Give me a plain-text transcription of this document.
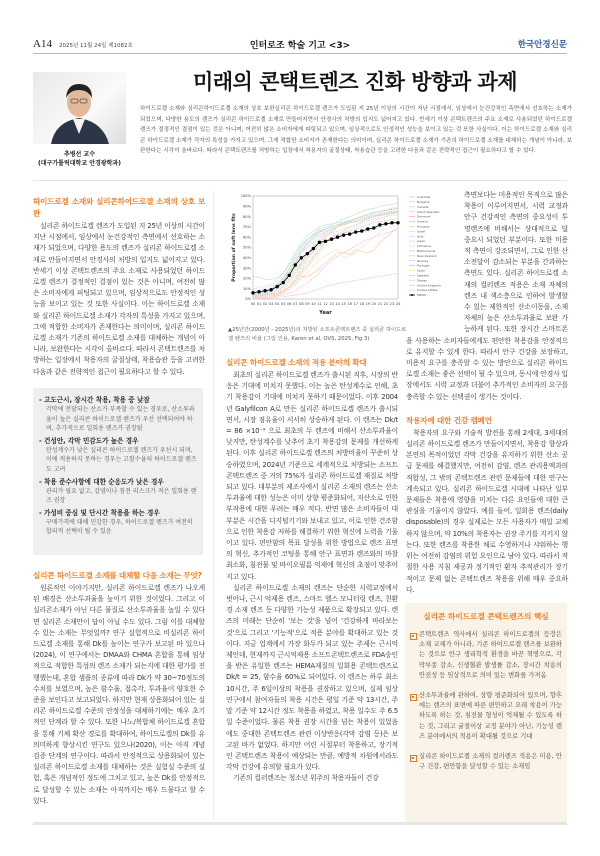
A14 2025년 11월 24일 제1082호	인터로조 학술 기고 <3>	한국안경신문
추병선 교수
(대구가톨릭대학교 안경광학과)
미래의 콘택트렌즈 진화 방향과 과제
하이드로겔 소재와 실리콘하이드로겔 소재의 상호 보완실리콘 하이드로겔 렌즈가 도입된 지 25년 이상의 시간이 지난 시점에서, 임상에서 눈건강적인 측면에서 선호하는 소재가 되었으며, 다양한 용도의 렌즈가 실리콘 하이드로겔 소재로 만들어지면서 안경사의 처방의 입지도 넓어지고 있다. 반세기 이상 콘택트렌즈의 주요 소재로 사용되었던 하이드로겔 렌즈가 결정적인 결점이 있는 것은 아니며, 여전히 많은 소비자에게 피팅되고 있으며, 임상적으로도 안정적인 성능을 보이고 있는 것 또한 사실이다. 이는 하이드로겔 소재와 실리콘 하이드로겔 소재가 각자의 특성을 가지고 있으며, 그에 적합한 소비자가 존재한다는 의미이며, 실리콘 하이드로겔 소재가 기존의 하이드로겔 소재를 대체하는 개념이 아니라, 보완한다는 시각이 올바르다. 따라서 콘택트렌즈를 처방하는 입장에서 착용자의 굴절상태, 착용습관 등을 고려한 다음과 같은 전략적인 접근이 필요하다고 할 수 있다.
하이드로겔 소재와 실리콘하이드로겔 소재의 상호 보완

실리콘 하이드로겔 렌즈가 도입된 지 25년 이상의 시간이 지난 시점에서, 임상에서 눈건강적인 측면에서 선호하는 소재가 되었으며, 다양한 용도의 렌즈가 실리콘 하이드로겔 소재로 만들어지면서 안경사의 처방의 입지도 넓어지고 있다. 반세기 이상 콘택트렌즈의 주요 소재로 사용되었던 하이드로겔 렌즈가 결정적인 결점이 있는 것은 아니며, 여전히 많은 소비자에게 피팅되고 있으며, 임상적으로도 안정적인 성능을 보이고 있는 것 또한 사실이다. 이는 하이드로겔 소재와 실리콘 하이드로겔 소재가 각자의 특성을 가지고 있으며, 그에 적합한 소비자가 존재한다는 의미이며, 실리콘 하이드로겔 소재가 기존의 하이드로겔 소재를 대체하는 개념이 아니라, 보완한다는 시각이 올바르다. 따라서 콘택트렌즈를 처방하는 입장에서 착용자의 굴절상태, 착용습관 등을 고려한 다음과 같은 전략적인 접근이 필요하다고 할 수 있다.

- 고도근시, 장시간 착용, 착용 중 낮잠
각막에 전달되는 산소가 부족할 수 있는 경우로, 산소투과율이 높은 실리콘 하이드로겔 렌즈가 우선 선택되어야 하며, 추가적으로 일회용 렌즈가 권장됨
- 건성안, 각막 민감도가 높은 경우
탄성계수가 낮은 실리콘 하이드로겔 렌즈가 우선시 되며, 이에 적용하지 못하는 경우는 고함수율의 하이드로겔 렌즈도 고려
- 착용 준수사항에 대한 순응도가 낮은 경우
관리가 필요 없고, 감염이나 침전 리스크가 적은 일회용 렌즈 권장
- 가성비 중심 및 단시간 착용을 하는 경우
구매가격에 대해 민감한 경우, 하이드로겔 렌즈가 여전히 합리적 선택이 될 수 있음
실리콘 하이드로겔 소재를 대체할 다음 소재는 무엇?

원론적인 이야기지만, 실리콘 하이드로겔 렌즈가 나오게된 배경은 산소투과율을 높이기 위한 것이었다. 그리고 이 실리콘소재가 아닌 다른 물질로 산소투과율을 높일 수 있다면 실리콘 소재만이 답이 아닐 수도 있다. 그럼 이를 대체할 수 있는 소재는 무엇일까? 연구 실험적으로 비실리콘 하이드로겔 소재를 통해 Dk를 높이는 연구가 보고된 바 있으나(2024), 이 연구에서는 DMAA와 CHMA 혼합을 통해 임상적으로 적합한 특성의 렌즈 소재가 되는지에 대한 평가를 진행했는데, 혼합 샘플의 종류에 따라 Dk가 약 30~70정도의 수치를 보였으며, 높은 함수율, 접촉각, 투과율이 양호한 수준을 보인다고 보고되었다. 하지만 현재 상용화되어 있는 실리콘 하이드로겔 수준의 안정성을 대체하기에는 매우 초기적인 단계라 할 수 있다. 또한 나노/복합체 하이드로겔 혼합을 통해 기체 확산 경로를 확대하여, 하이드로겔의 Dk를 유의미하게 향상시킨 연구도 있으나(2020), 이는 아직 개념 검증 단계의 연구이다. 따라서 안정적으로 상용화되어 있는 실리콘 하이드로겔 소재를 대체하는 것은 실험실 수준의 실험, 혹은 개념적인 정도에 그치고 있고, 높은 Dk를 안정적으로 달성할 수 있는 소재는 아직까지는 매우 드물다고 할 수 있다.

0%
10%
20%
30%
40%
50%
60%
70%
80%
90%
100%
00 01 02 03 04 05 06 07 08 09 10 11 12 13 14 15 16 17 18 19 20 21 22 23 24
Year
Proportion of soft lens fits
Australia
Bulgaria
Canada
Czech Republic
Denmark
Greece
Hungary
Israel
Italy
Japan
Lithuania
Netherlands
New Zealand
Norway
Portugal
Spain
Sweden
Taiwan
United Kingdom
United States
MEAN
▲25년간(2000년 - 2025년)의 처방된 소프트콘택트렌즈 중 실리콘 하이드로겔 렌즈의 비율 (그림 인용, Karen et al, OVS, 2025, Fig 3)
실리콘 하이드로겔 소재의 적용 분야의 확대

최초의 실리콘 하이드로겔 렌즈가 출시된 직후, 시장의 반응은 기대에 미치지 못했다. 이는 높은 탄성계수로 인해, 초기 착용감이 기대에 미치지 못하기 때문이었다. 이후 2004년 Galyfilcon A로 만든 실리콘 하이드로겔 렌즈가 출시되면서, 시장 점유율이 서서히 상승하게 된다. 이 렌즈는 Dk/t = 86 ×10⁻⁹ 으로 최초의 두 렌즈에 비해서 산소투과율이 낮지만, 탄성계수를 낮추어 초기 착용감의 문제를 개선하게 된다. 이후 실리콘 하이드로겔 렌즈의 처방비율이 꾸준히 상승하였으며, 2024년 기준으로 세계적으로 처방되는 소프트콘택트렌즈 중 거의 75%가 실리콘 하이드로겔 재질로 처방되고 있다. 대부분의 제조사에서 실리콘 소재의 렌즈는 산소투과율에 대한 성능은 이미 상향 평준화되어, 저산소로 인한 부작용에 대한 우려는 매우 적다. 반면 많은 소비자들이 대부분은 시간을 디지털기기와 보내고 있고, 이로 인한 건조함으로 인한 착용감 저하를 해결하기 위한 혁신에 노력을 기울이고 있다. 편안함의 목표 달성을 위한 방법으로 렌즈 표면의 혁신, 추가적인 코팅을 통해 안구 표면과 렌즈와의 마찰 최소화, 침전물 및 바이오필름 억제에 혁신의 초점이 맞추어지고 있다.

실리콘 하이드로겔 소재의 렌즈는 단순한 시력교정에서 벗어나, 근시 억제용 렌즈, 스마트 헬스 모니터링 렌즈, 친환경 소재 렌즈 등 다양한 기능성 제품으로 확장되고 있다. 렌즈의 미래는 단순히 '보는 것'을 넘어 '건강하게 바라보는 것'으로 그리고 '기능적'으로 적용 분야를 확대하고 있는 것이다. 지금 업계에서 가장 화두가 되고 있는 주제는 근시억제인데, 현재까지 근시억제용 소프트콘택트렌즈로 FDA승인을 받은 유일한 렌즈는 HEMA재질의 일회용 콘택트렌즈로 Dk/t = 25, 함수율 60%로 되어있다. 이 렌즈는 하루 최소 10시간, 주 6일이상의 착용을 권장하고 있으며, 실제 임상연구에서 참여자들의 착용 시간은 평일 기준 약 13시간, 주말 기준 약 12시간 정도 착용을 하였고, 착용 일수도 주 6.5일 수준이었다. 물론 착용 권장 시간을 넘는 착용이 있었음에도 중대한 콘택트렌즈 관련 이상반응(각막 감염 등)은 보고된 바가 없었다. 하지만 어린 시절부터 착용하고, 장기적인 콘택트렌즈 착용이 예상되는 만큼, 예방적 차원에서라도 각막 건강에 유의할 필요가 있다.

기존의 컬러렌즈는 청소년 위주의 착용자들이 건강

측면보다는 미용적인 목적으로 많은 착용이 이루어지면서, 시력 교정과 안구 건강적인 측면의 중요성이 투명렌즈에 비해서는 상대적으로 덜 중요시 되었던 부분이다. 또한 미용적 측면이 강조되면서, 그로 인한 산소전달이 감소되는 부분을 간과하는 측면도 있다. 실리콘 하이드로겔 소재의 컬러렌즈 적용은 소재 자체의 렌즈 내 색소층으로 인하여 발생할 수 있는 제한적인 산소이동을, 소재 자체의 높은 산소투과율로 보완 가능하게 된다. 또한 장시간 스마트폰을 사용하는 소비자들에게도 편안한 착용감을 안정적으로 유지할 수 있게 한다. 따라서 안구 건강을 보장하고, 미용적 요구를 충족할 수 있는 방안으로 실리콘 하이드로겔 소재는 좋은 선택이 될 수 있으며, 동시에 안경사 입장에서도 시력 교정과 더불어 추가적인 소비자의 요구를 충족할 수 있는 선택권이 생기는 것이다.
착용자에 대한 건강 캠페인

착용자의 요구와 기술적 발전을 통해 2세대, 3세대의 실리콘 하이드로겔 렌즈가 만들어지면서, 착용감 향상과 본연의 목적이었던 각막 건강을 유지하기 위한 산소 공급 문제를 해결했지만, 여전히 감염, 렌즈 관리용액과의 적합성, 그 밖의 콘택트렌즈 관련 문제들에 대한 연구는 계속되고 있다. 실리콘 하이드로겔 시대에 나타난 일부 문제들은 착용에 영향을 미치는 다른 요인들에 대한 큰 관심을 기울이지 않았다. 예를 들어, 일회용 렌즈(daily disposable)의 경우 실제로는 모든 사용자가 매일 교체하지 않으며, 약 10%의 착용자는 권장 주기를 지키지 않는다. 또한 렌즈를 착용한 채로 수영하거나 샤워하는 행위는 여전히 감염의 위험 요인으로 남아 있다. 따라서 적절한 사용 지침 제공과 정기적인 환자 추적관리가 장기적이고 문제 없는 콘택트렌즈 착용을 위해 매우 중요하다.

실리콘 하이드로겔 콘택트렌즈의 핵심
콘택트렌즈 역사에서 실리콘 하이드로겔의 등장은 소재 교체가 아니라, 기존 하이드로겔 렌즈를 보완하는 것으로 안구 생리학적 환경을 바꾼 혁명으로, 각막부종 감소, 신생혈관 발생률 감소, 장시간 착용의 안전성 등 임상적으로 의미 있는 변화를 가져옴
산소투과율에 관하여, 상향 평준화되어 있으며, 향후에는 렌즈의 표면에 따른 편안하고 오래 착용이 가능하도록 하는 것, 침전물 형성이 억제될 수 있도록 하는 것, 그리고 굴절이상 교정 분야가 아닌, 기능성 렌즈 분야에서의 적용이 확대될 것으로 기대
실리콘 하이드로겔 소재의 컬러렌즈 적용은 미용, 안구 건강, 편안함을 달성할 수 있는 소재임
